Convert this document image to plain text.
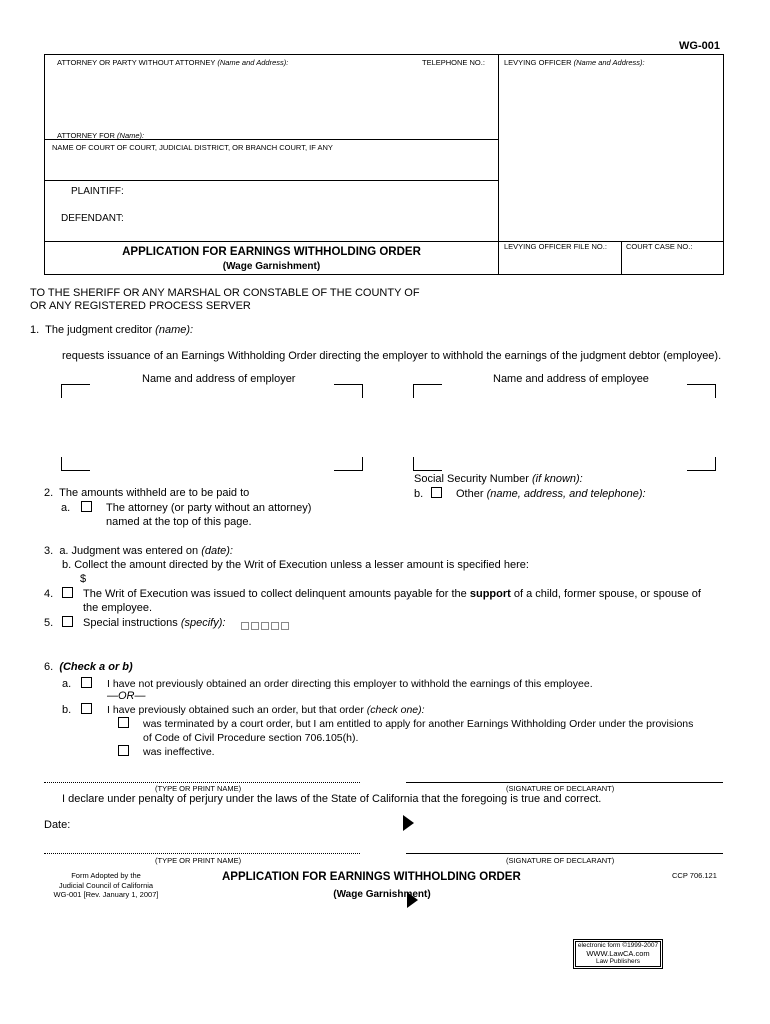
WG-001
ATTORNEY OR PARTY WITHOUT ATTORNEY (Name and Address):	TELEPHONE NO.:	LEVYING OFFICER (Name and Address):
ATTORNEY FOR (Name):
NAME OF COURT OF COURT, JUDICIAL DISTRICT, OR BRANCH COURT, IF ANY
PLAINTIFF:
DEFENDANT:
APPLICATION FOR EARNINGS WITHHOLDING ORDER
(Wage Garnishment)
LEVYING OFFICER FILE NO.:	COURT CASE NO.:
TO THE SHERIFF OR ANY MARSHAL OR CONSTABLE OF THE COUNTY OF
OR ANY REGISTERED PROCESS SERVER
1. The judgment creditor (name):
requests issuance of an Earnings Withholding Order directing the employer to withhold the earnings of the judgment debtor (employee).
Name and address of employer	Name and address of employee
Social Security Number (if known):
2. The amounts withheld are to be paid to
a.	The attorney (or party without an attorney)
named at the top of this page.
b.	Other (name, address, and telephone):
3. a. Judgment was entered on (date):
b. Collect the amount directed by the Writ of Execution unless a lesser amount is specified here:
$
4.	The Writ of Execution was issued to collect delinquent amounts payable for the support of a child, former spouse, or spouse of
the employee.
5.	Special instructions (specify):
6. (Check a or b)
a.	I have not previously obtained an order directing this employer to withhold the earnings of this employee.
—OR—
b.	I have previously obtained such an order, but that order (check one):
was terminated by a court order, but I am entitled to apply for another Earnings Withholding Order under the provisions
of Code of Civil Procedure section 706.105(h).
was ineffective.
(TYPE OR PRINT NAME)	(SIGNATURE OF DECLARANT)
I declare under penalty of perjury under the laws of the State of California that the foregoing is true and correct.
Date:
(TYPE OR PRINT NAME)	(SIGNATURE OF DECLARANT)
Form Adopted by the
Judicial Council of California
WG-001 [Rev. January 1, 2007]
APPLICATION FOR EARNINGS WITHHOLDING ORDER
(Wage Garnishment)
CCP 706.121
electronic form ©1999-2007
WWW.LawCA.com
Law Publishers
